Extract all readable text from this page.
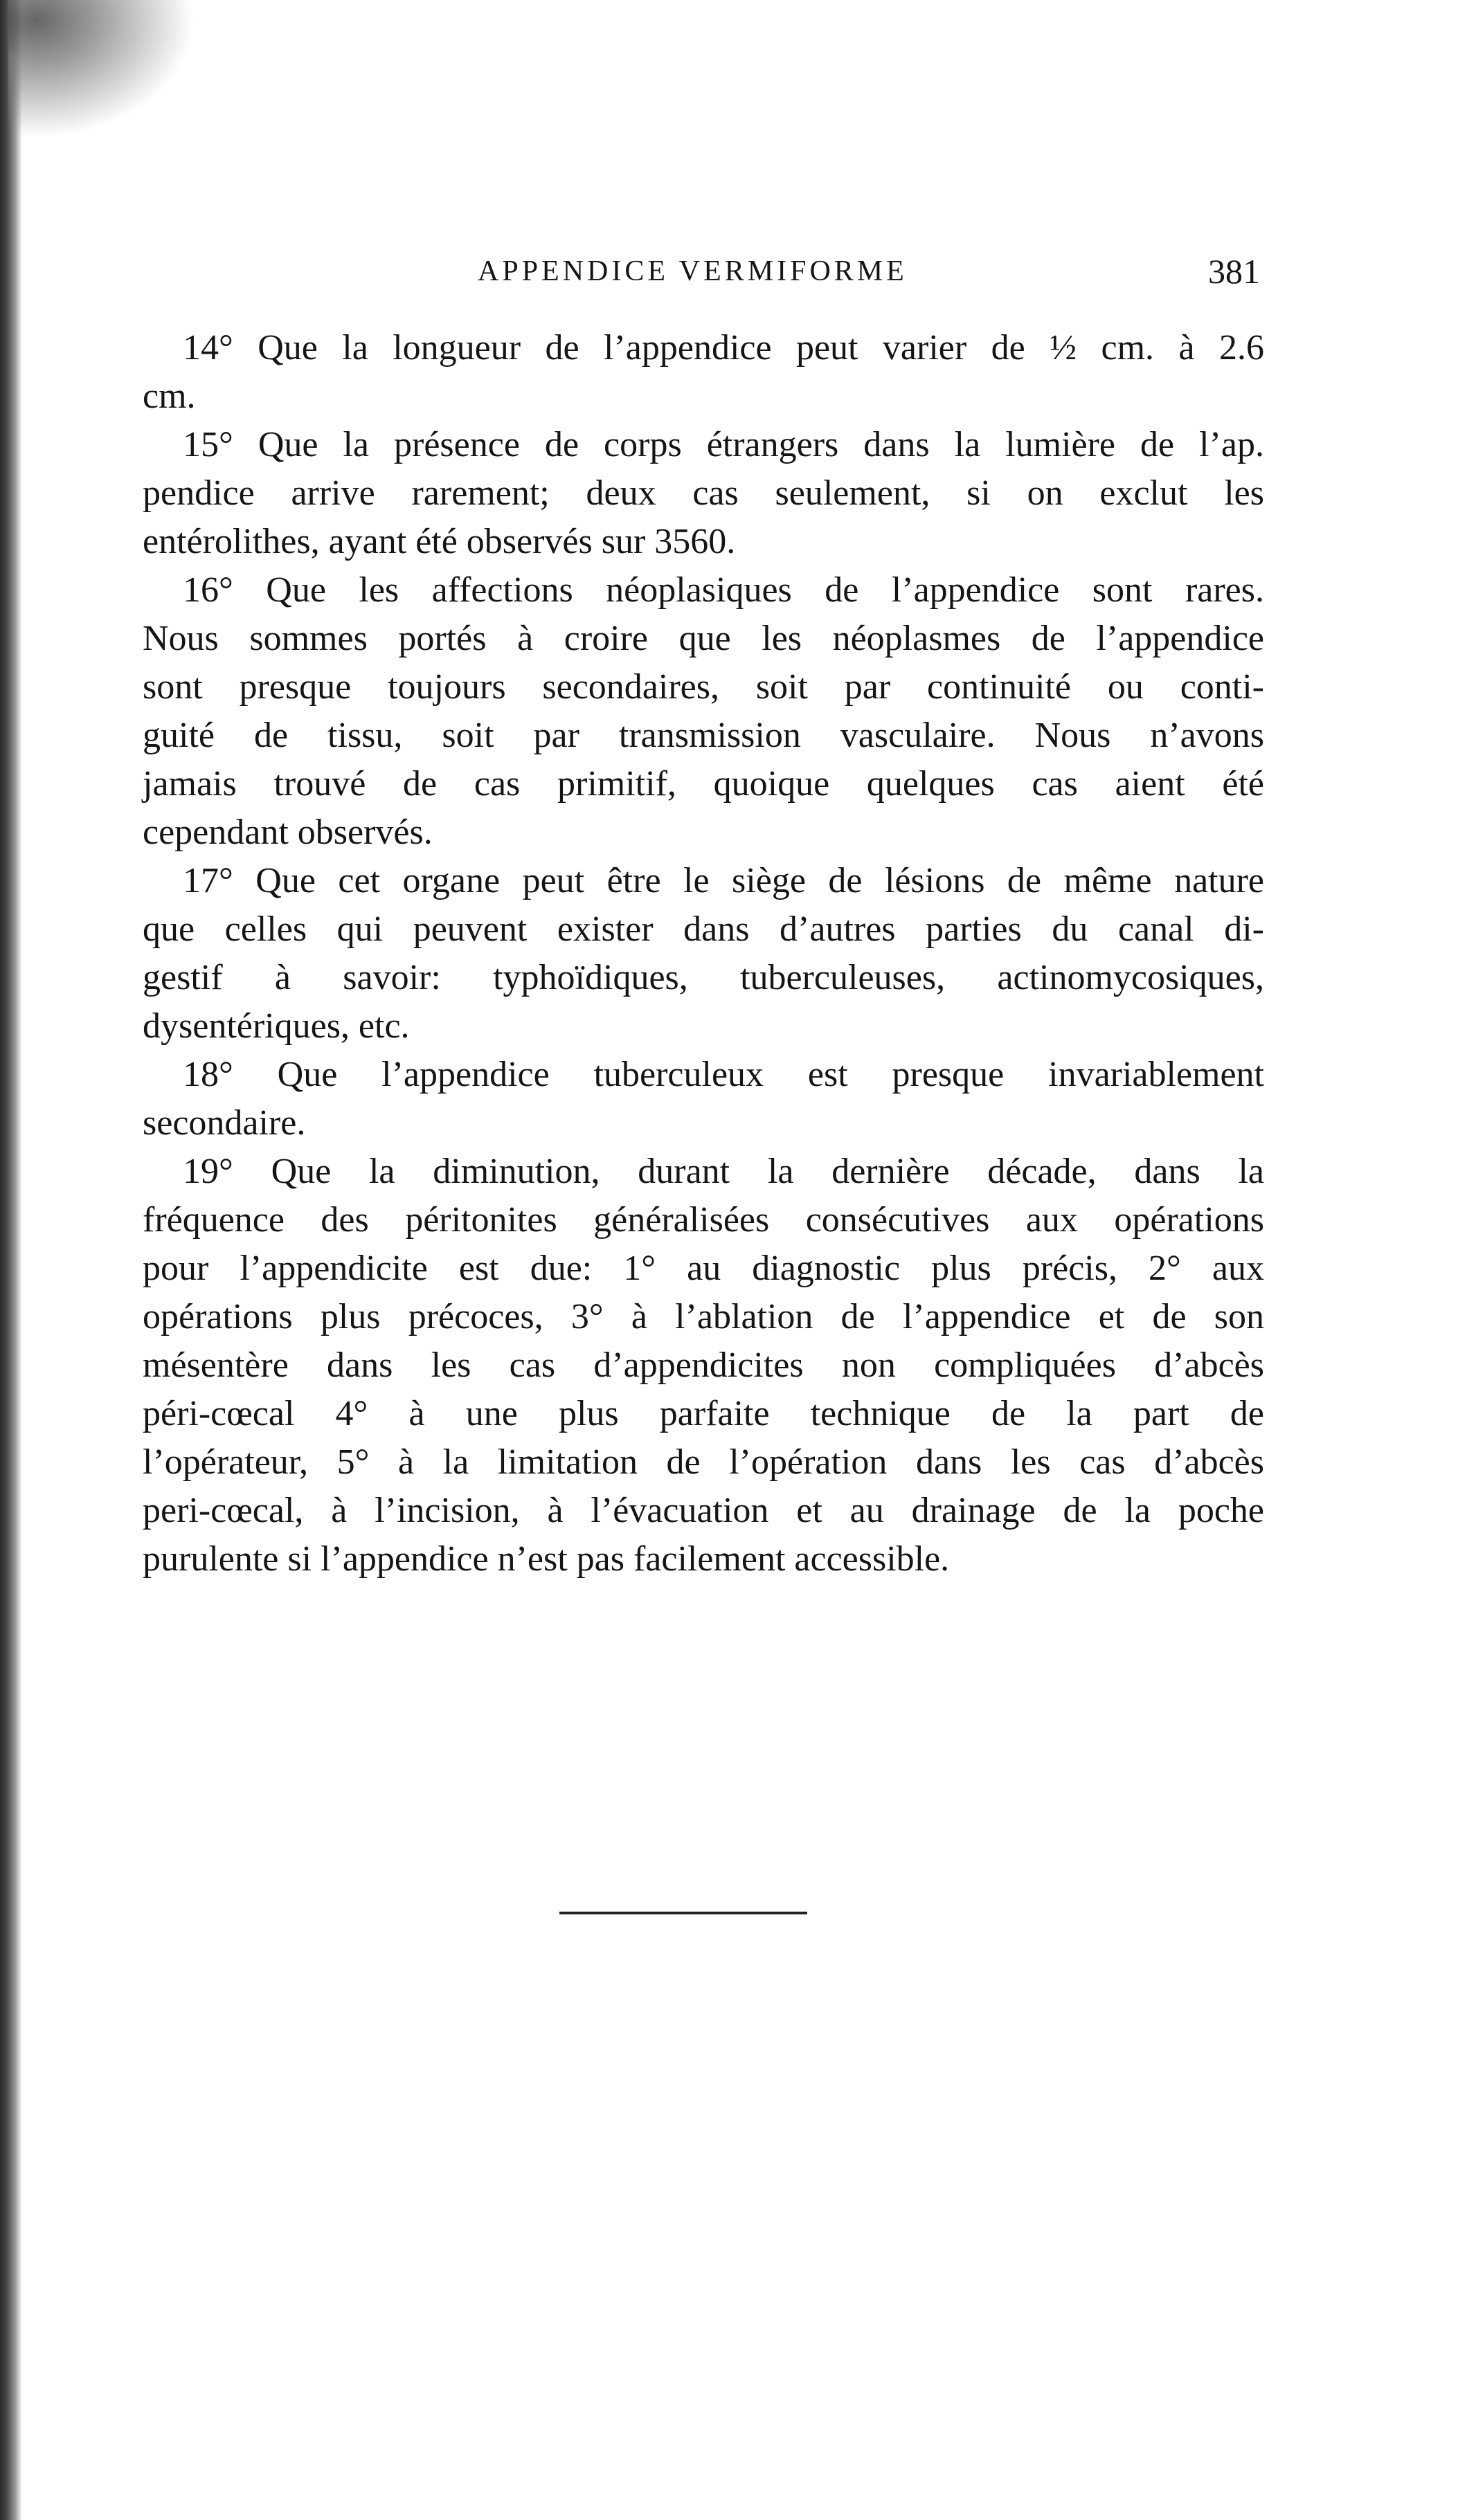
APPENDICE VERMIFORME	381
14° Que la longueur de l’appendice peut varier de ½ cm. à 2.6
cm.
15° Que la présence de corps étrangers dans la lumière de l’ap.
pendice arrive rarement; deux cas seulement, si on exclut les
entérolithes, ayant été observés sur 3560.
16° Que les affections néoplasiques de l’appendice sont rares.
Nous sommes portés à croire que les néoplasmes de l’appendice
sont presque toujours secondaires, soit par continuité ou conti-
guité de tissu, soit par transmission vasculaire. Nous n’avons
jamais trouvé de cas primitif, quoique quelques cas aient été
cependant observés.
17° Que cet organe peut être le siège de lésions de même nature
que celles qui peuvent exister dans d’autres parties du canal di-
gestif à savoir: typhoïdiques, tuberculeuses, actinomycosiques,
dysentériques, etc.
18° Que l’appendice tuberculeux est presque invariablement
secondaire.
19° Que la diminution, durant la dernière décade, dans la
fréquence des péritonites généralisées consécutives aux opérations
pour l’appendicite est due: 1° au diagnostic plus précis, 2° aux
opérations plus précoces, 3° à l’ablation de l’appendice et de son
mésentère dans les cas d’appendicites non compliquées d’abcès
péri-cœcal 4° à une plus parfaite technique de la part de
l’opérateur, 5° à la limitation de l’opération dans les cas d’abcès
peri-cœcal, à l’incision, à l’évacuation et au drainage de la poche
purulente si l’appendice n’est pas facilement accessible.
